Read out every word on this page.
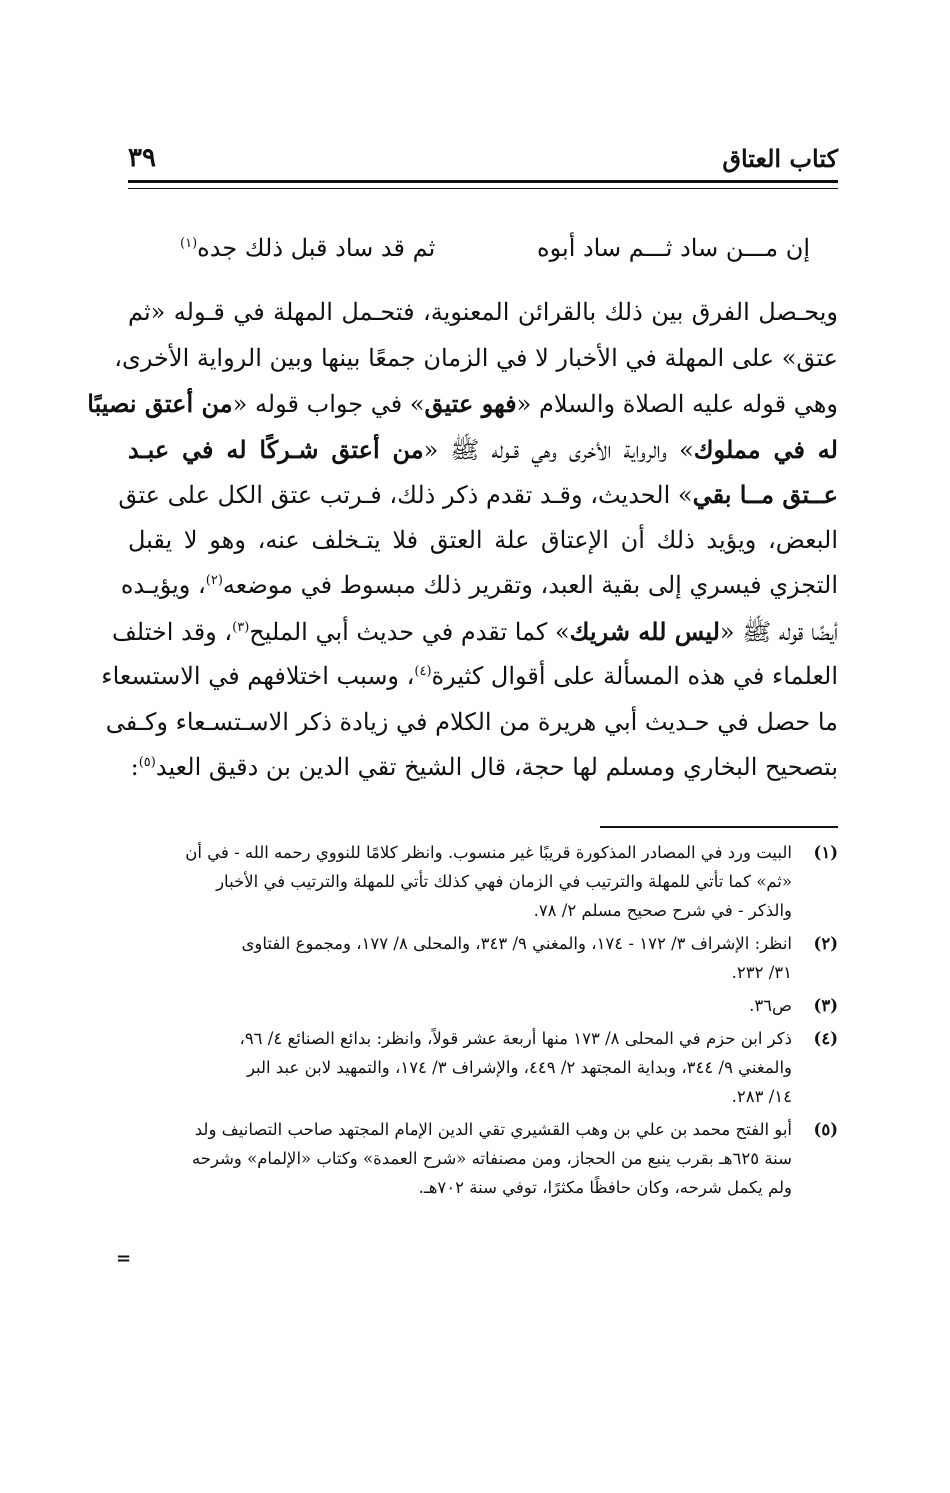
كتاب العتاق
٣٩
إن مـــن ساد ثـــم ساد أبوه
ثم قد ساد قبل ذلك جده$^{(١)}$
ويحـصل الفرق بين ذلك بالقرائن المعنوية، فتحـمل المهلة في قـوله «ثم
عتق» على المهلة في الأخبار لا في الزمان جمعًا بينها وبين الرواية الأخرى،
وهي قوله عليه الصلاة والسلام «فهو عتيق» في جواب قوله «من أعتق نصيبًا
له في مملوك» والرواية الأخرى وهي قـوله ﷺ «من أعتق شـركًا له في عبـد
عــتق مــا بقي» الحديث، وقـد تقدم ذكر ذلك، فـرتب عتق الكل على عتق
البعض، ويؤيد ذلك أن الإعتاق علة العتق فلا يتـخلف عنه، وهو لا يقبل
التجزي فيسري إلى بقية العبد، وتقرير ذلك مبسوط في موضعه$^{(٢)}$، ويؤيـده
أيضًا قوله ﷺ «ليس لله شريك» كما تقدم في حديث أبي المليح$^{(٣)}$، وقد اختلف
العلماء في هذه المسألة على أقوال كثيرة$^{(٤)}$، وسبب اختلافهم في الاستسعاء
ما حصل في حـديث أبي هريرة من الكلام في زيادة ذكر الاسـتسـعاء وكـفى
بتصحيح البخاري ومسلم لها حجة، قال الشيخ تقي الدين بن دقيق العيد$^{(٥)}$:
(١)
البيت ورد في المصادر المذكورة قريبًا غير منسوب. وانظر كلامًا للنووي رحمه الله - في أن
«ثم» كما تأتي للمهلة والترتيب في الزمان فهي كذلك تأتي للمهلة والترتيب في الأخبار
والذكر - في شرح صحيح مسلم ٢/ ٧٨.
(٢)
انظر: الإشراف ٣/ ١٧٢ - ١٧٤، والمغني ٩/ ٣٤٣، والمحلى ٨/ ١٧٧، ومجموع الفتاوى
٣١/ ٢٣٢.
(٣)
ص٣٦.
(٤)
ذكر ابن حزم في المحلى ٨/ ١٧٣ منها أربعة عشر قولاً، وانظر: بدائع الصنائع ٤/ ٩٦،
والمغني ٩/ ٣٤٤، وبداية المجتهد ٢/ ٤٤٩، والإشراف ٣/ ١٧٤، والتمهيد لابن عبد البر
١٤/ ٢٨٣.
(٥)
أبو الفتح محمد بن علي بن وهب القشيري تقي الدين الإمام المجتهد صاحب التصانيف ولد
سنة ٦٢٥هـ بقرب ينبع من الحجاز، ومن مصنفاته «شرح العمدة» وكتاب «الإلمام» وشرحه
ولم يكمل شرحه، وكان حافظًا مكثرًا، توفي سنة ٧٠٢هـ.
=
